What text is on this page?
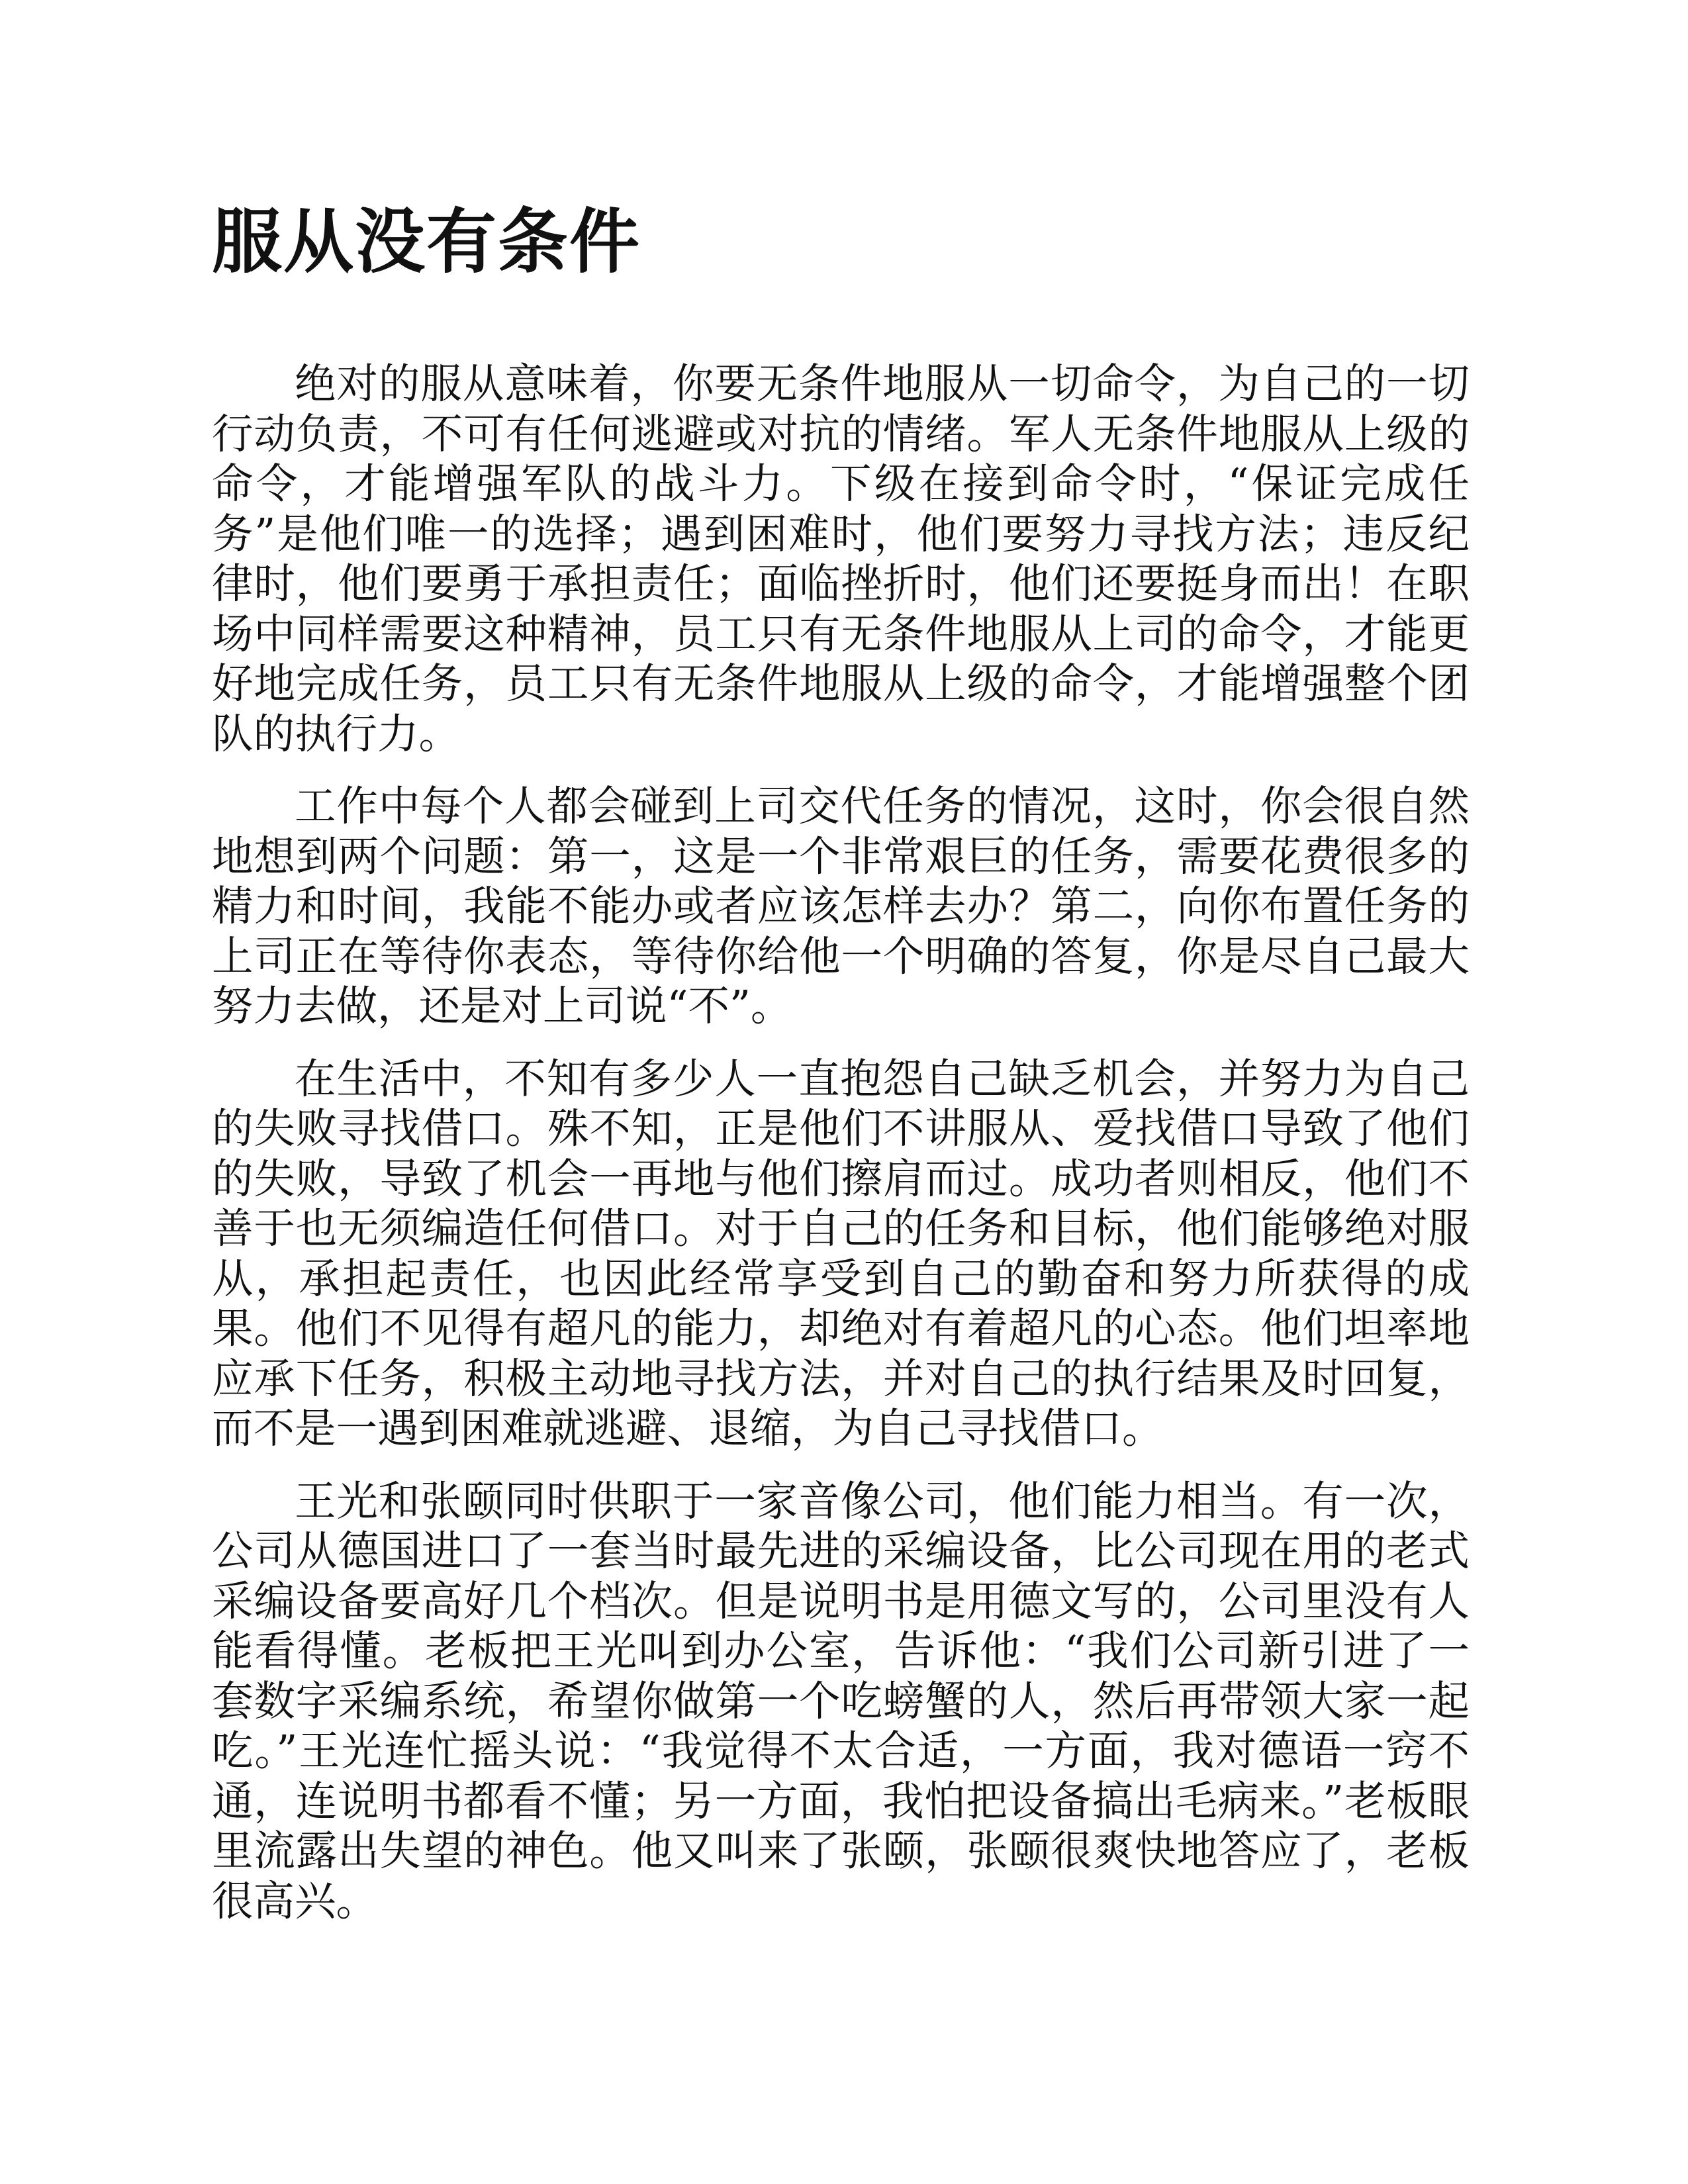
服从没有条件

绝对的服从意味着，你要无条件地服从一切命令，为自己的一切行动负责，不可有任何逃避或对抗的情绪。军人无条件地服从上级的命令，才能增强军队的战斗力。下级在接到命令时，“保证完成任务”是他们唯一的选择；遇到困难时，他们要努力寻找方法；违反纪律时，他们要勇于承担责任；面临挫折时，他们还要挺身而出！在职场中同样需要这种精神，员工只有无条件地服从上司的命令，才能更好地完成任务，员工只有无条件地服从上级的命令，才能增强整个团队的执行力。

工作中每个人都会碰到上司交代任务的情况，这时，你会很自然地想到两个问题：第一，这是一个非常艰巨的任务，需要花费很多的精力和时间，我能不能办或者应该怎样去办？第二，向你布置任务的上司正在等待你表态，等待你给他一个明确的答复，你是尽自己最大努力去做，还是对上司说“不”。

在生活中，不知有多少人一直抱怨自己缺乏机会，并努力为自己的失败寻找借口。殊不知，正是他们不讲服从、爱找借口导致了他们的失败，导致了机会一再地与他们擦肩而过。成功者则相反，他们不善于也无须编造任何借口。对于自己的任务和目标，他们能够绝对服从，承担起责任，也因此经常享受到自己的勤奋和努力所获得的成果。他们不见得有超凡的能力，却绝对有着超凡的心态。他们坦率地应承下任务，积极主动地寻找方法，并对自己的执行结果及时回复，而不是一遇到困难就逃避、退缩，为自己寻找借口。

王光和张颐同时供职于一家音像公司，他们能力相当。有一次，公司从德国进口了一套当时最先进的采编设备，比公司现在用的老式采编设备要高好几个档次。但是说明书是用德文写的，公司里没有人能看得懂。老板把王光叫到办公室，告诉他：“我们公司新引进了一套数字采编系统，希望你做第一个吃螃蟹的人，然后再带领大家一起吃。”王光连忙摇头说：“我觉得不太合适，一方面，我对德语一窍不通，连说明书都看不懂；另一方面，我怕把设备搞出毛病来。”老板眼里流露出失望的神色。他又叫来了张颐，张颐很爽快地答应了，老板很高兴。
